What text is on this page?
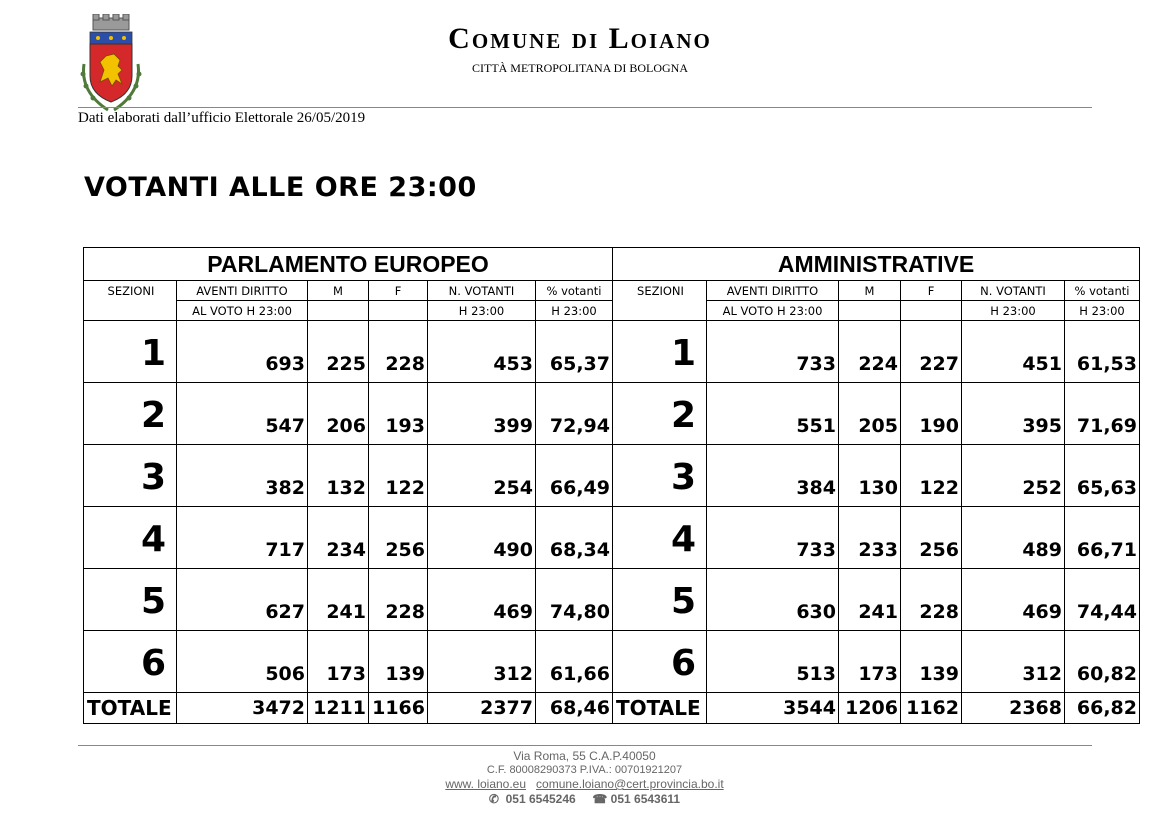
Comune di Loiano
CITTÀ METROPOLITANA DI BOLOGNA
Dati elaborati dall’ufficio Elettorale 26/05/2019
VOTANTI ALLE ORE 23:00
PARLAMENTO EUROPEO						AMMINISTRATIVE					
SEZIONI	AVENTI DIRITTO	M	F	N. VOTANTI	% votanti	SEZIONI	AVENTI DIRITTO	M	F	N. VOTANTI	% votanti
	AL VOTO H 23:00			H 23:00	H 23:00		AL VOTO H 23:00			H 23:00	H 23:00
1	693	225	228	453	65,37	1	733	224	227	451	61,53
2	547	206	193	399	72,94	2	551	205	190	395	71,69
3	382	132	122	254	66,49	3	384	130	122	252	65,63
4	717	234	256	490	68,34	4	733	233	256	489	66,71
5	627	241	228	469	74,80	5	630	241	228	469	74,44
6	506	173	139	312	61,66	6	513	173	139	312	60,82
TOTALE	3472	1211	1166	2377	68,46	TOTALE	3544	1206	1162	2368	66,82
Via Roma, 55 C.A.P.40050
C.F. 80008290373 P.IVA.: 00701921207
www. loiano.eu comune.loiano@cert.provincia.bo.it
✆ 051 6545246 ☎ 051 6543611
